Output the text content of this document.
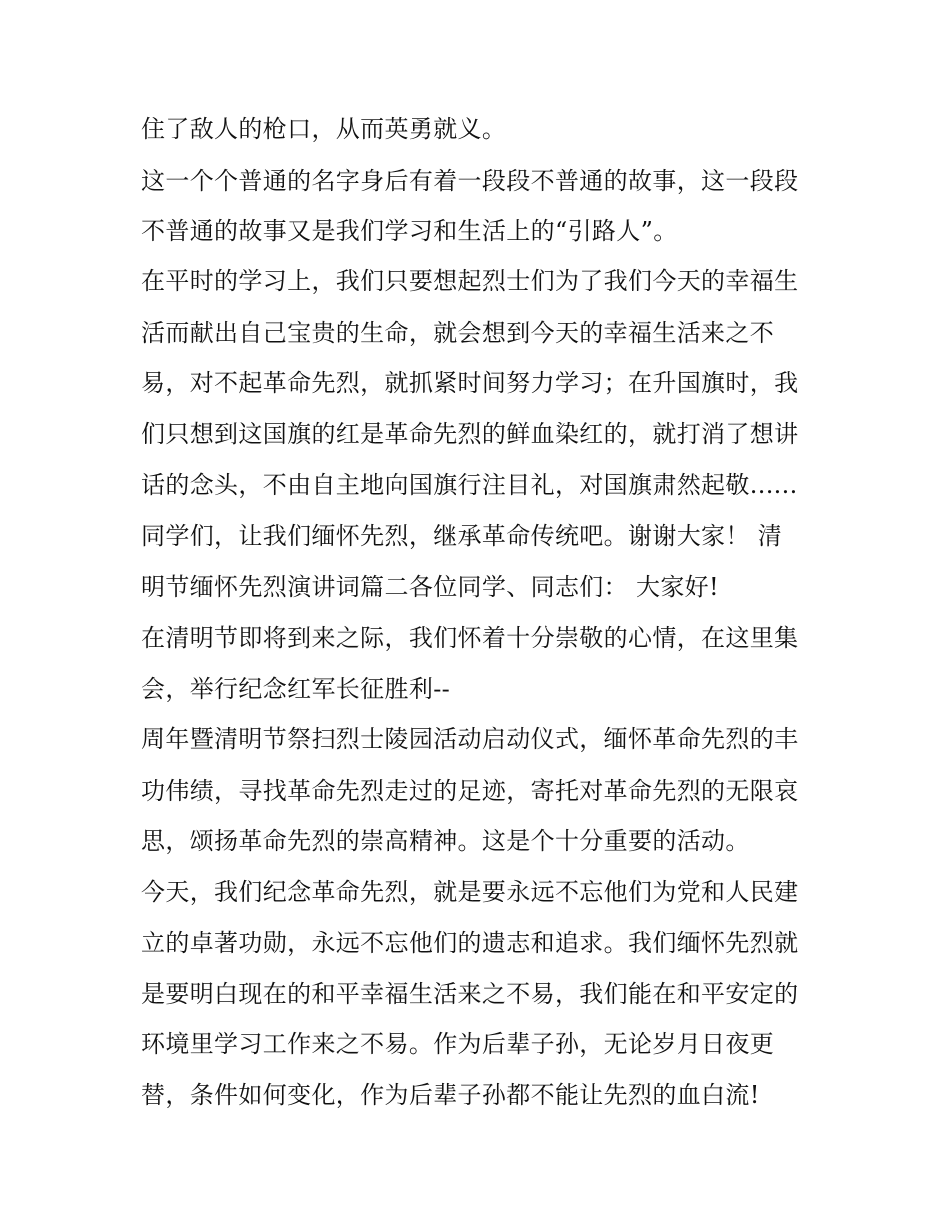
住了敌人的枪口，从而英勇就义。
这一个个普通的名字身后有着一段段不普通的故事，这一段段
不普通的故事又是我们学习和生活上的“引路人”。
在平时的学习上，我们只要想起烈士们为了我们今天的幸福生
活而献出自己宝贵的生命，就会想到今天的幸福生活来之不
易，对不起革命先烈，就抓紧时间努力学习；在升国旗时，我
们只想到这国旗的红是革命先烈的鲜血染红的，就打消了想讲
话的念头，不由自主地向国旗行注目礼，对国旗肃然起敬......
同学们，让我们缅怀先烈，继承革命传统吧。谢谢大家！ 清
明节缅怀先烈演讲词篇二各位同学、同志们： 大家好!
在清明节即将到来之际，我们怀着十分崇敬的心情，在这里集
会，举行纪念红军长征胜利--
周年暨清明节祭扫烈士陵园活动启动仪式，缅怀革命先烈的丰
功伟绩，寻找革命先烈走过的足迹，寄托对革命先烈的无限哀
思，颂扬革命先烈的崇高精神。这是个十分重要的活动。
今天，我们纪念革命先烈，就是要永远不忘他们为党和人民建
立的卓著功勋，永远不忘他们的遗志和追求。我们缅怀先烈就
是要明白现在的和平幸福生活来之不易，我们能在和平安定的
环境里学习工作来之不易。作为后辈子孙，无论岁月日夜更
替，条件如何变化，作为后辈子孙都不能让先烈的血白流!
